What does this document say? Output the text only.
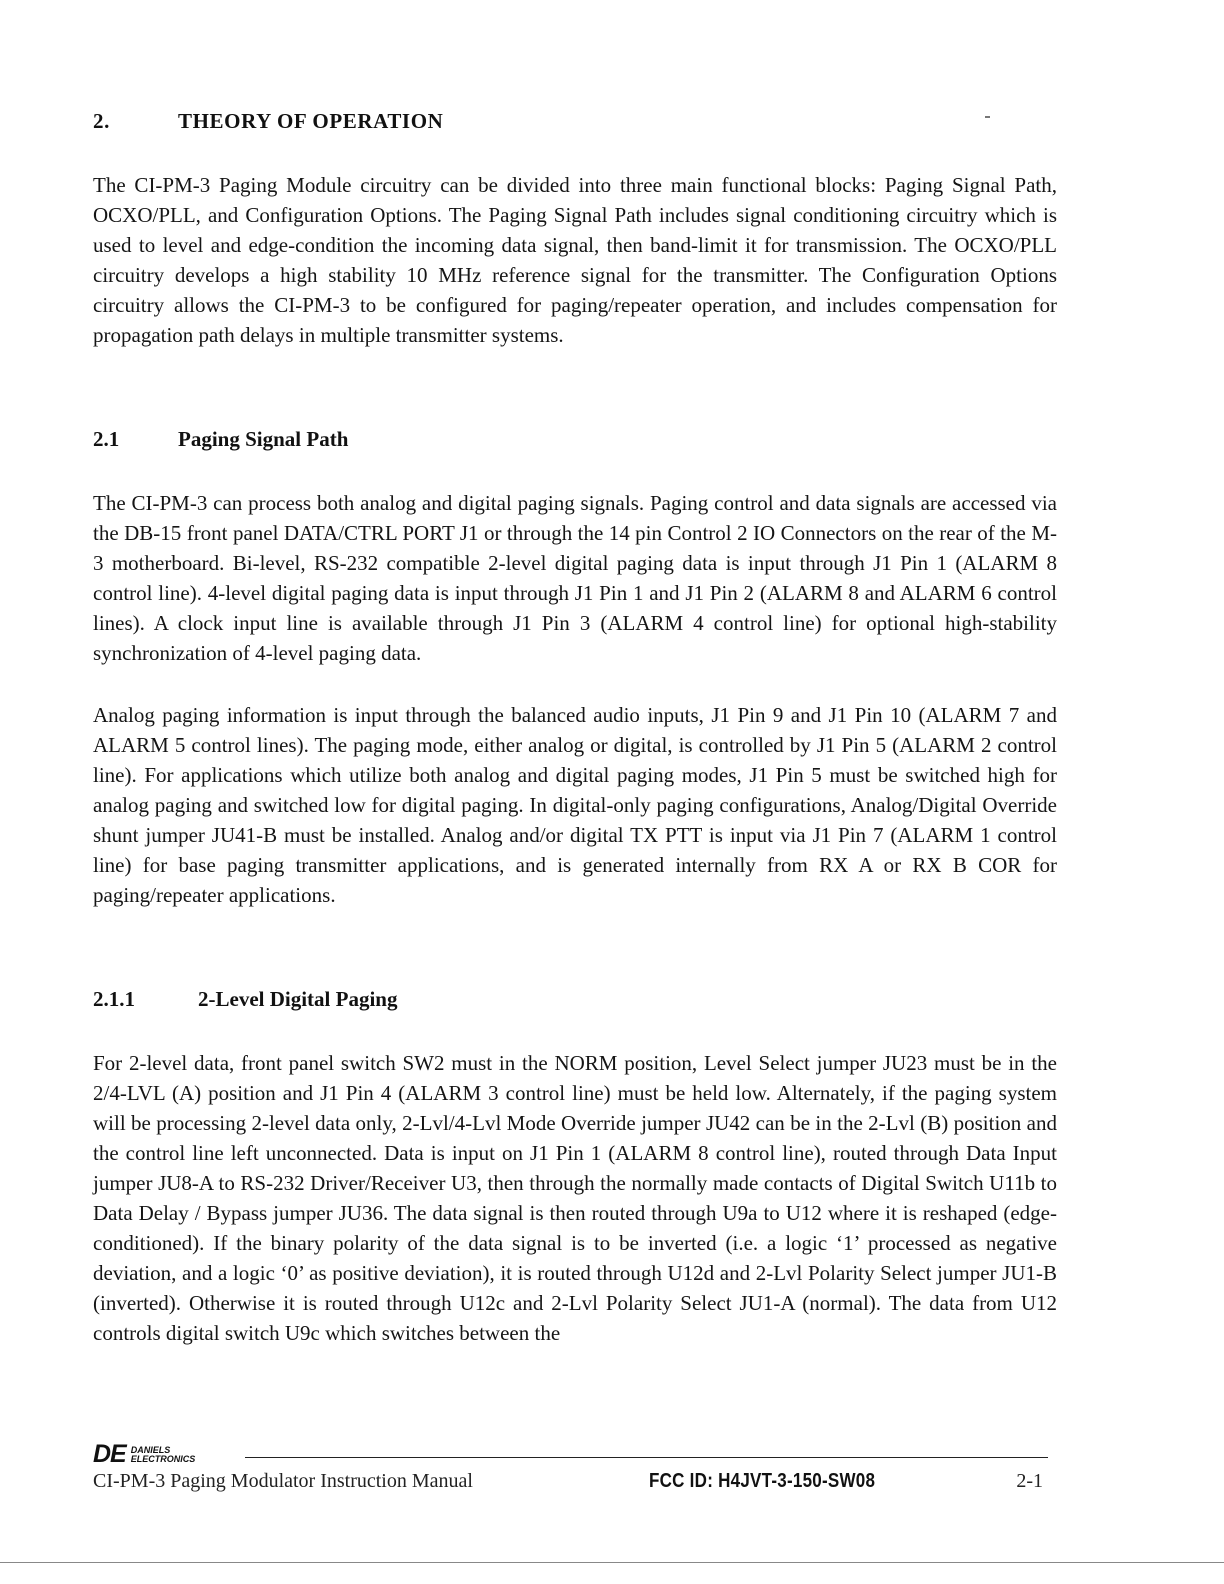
2.	THEORY OF OPERATION

The CI-PM-3 Paging Module circuitry can be divided into three main functional blocks: Paging Signal Path, OCXO/PLL, and Configuration Options. The Paging Signal Path includes signal conditioning circuitry which is used to level and edge-condition the incoming data signal, then band-limit it for transmission. The OCXO/PLL circuitry develops a high stability 10 MHz reference signal for the transmitter. The Configuration Options circuitry allows the CI-PM-3 to be configured for paging/repeater operation, and includes compensation for propagation path delays in multiple transmitter systems.

2.1	Paging Signal Path

The CI-PM-3 can process both analog and digital paging signals. Paging control and data signals are accessed via the DB-15 front panel DATA/CTRL PORT J1 or through the 14 pin Control 2 IO Connectors on the rear of the M-3 motherboard. Bi-level, RS-232 compatible 2-level digital paging data is input through J1 Pin 1 (ALARM 8 control line). 4-level digital paging data is input through J1 Pin 1 and J1 Pin 2 (ALARM 8 and ALARM 6 control lines). A clock input line is available through J1 Pin 3 (ALARM 4 control line) for optional high-stability synchronization of 4-level paging data.

Analog paging information is input through the balanced audio inputs, J1 Pin 9 and J1 Pin 10 (ALARM 7 and ALARM 5 control lines). The paging mode, either analog or digital, is controlled by J1 Pin 5 (ALARM 2 control line). For applications which utilize both analog and digital paging modes, J1 Pin 5 must be switched high for analog paging and switched low for digital paging. In digital-only paging configurations, Analog/Digital Override shunt jumper JU41-B must be installed. Analog and/or digital TX PTT is input via J1 Pin 7 (ALARM 1 control line) for base paging transmitter applications, and is generated internally from RX A or RX B COR for paging/repeater applications.

2.1.1	2-Level Digital Paging

For 2-level data, front panel switch SW2 must in the NORM position, Level Select jumper JU23 must be in the 2/4-LVL (A) position and J1 Pin 4 (ALARM 3 control line) must be held low. Alternately, if the paging system will be processing 2-level data only, 2-Lvl/4-Lvl Mode Override jumper JU42 can be in the 2-Lvl (B) position and the control line left unconnected. Data is input on J1 Pin 1 (ALARM 8 control line), routed through Data Input jumper JU8-A to RS-232 Driver/Receiver U3, then through the normally made contacts of Digital Switch U11b to Data Delay / Bypass jumper JU36. The data signal is then routed through U9a to U12 where it is reshaped (edge-conditioned). If the binary polarity of the data signal is to be inverted (i.e. a logic ‘1’ processed as negative deviation, and a logic ‘0’ as positive deviation), it is routed through U12d and 2-Lvl Polarity Select jumper JU1-B (inverted). Otherwise it is routed through U12c and 2-Lvl Polarity Select JU1-A (normal). The data from U12 controls digital switch U9c which switches between the

DE DANIELS
ELECTRONICS
CI-PM-3 Paging Modulator Instruction Manual	FCC ID: H4JVT-3-150-SW08	2-1
